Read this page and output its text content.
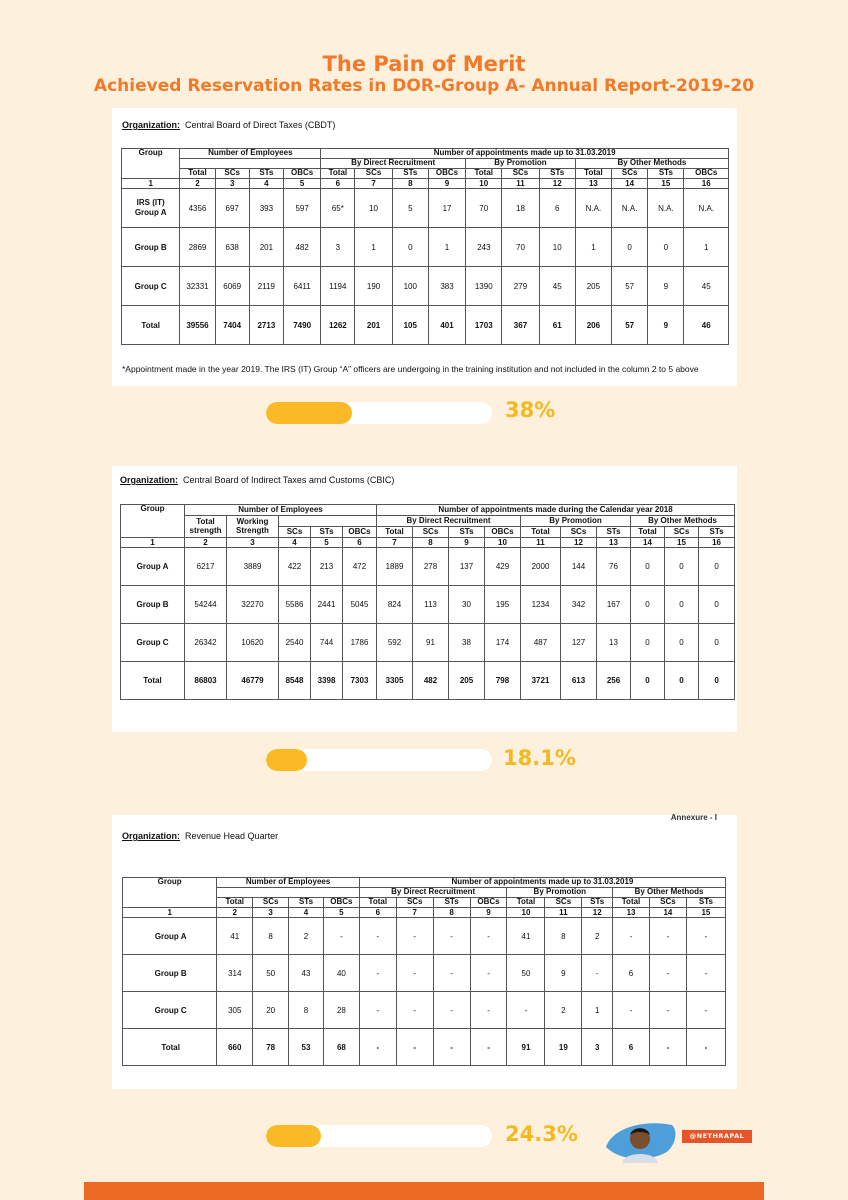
The Pain of Merit
Achieved Reservation Rates in DOR-Group A- Annual Report-2019-20
Organization: Central Board of Direct Taxes (CBDT)
Group	Number of Employees				Number of appointments made up to 31.03.2019										
					By Direct Recruitment				By Promotion			By Other Methods			
	Total	SCs	STs	OBCs	Total	SCs	STs	OBCs	Total	SCs	STs	Total	SCs	STs	OBCs
1	2	3	4	5	6	7	8	9	10	11	12	13	14	15	16
IRS (IT)
Group A	4356	697	393	597	65*	10	5	17	70	18	6	N.A.	N.A.	N.A.	N.A.
Group B	2869	638	201	482	3	1	0	1	243	70	10	1	0	0	1
Group C	32331	6069	2119	6411	1194	190	100	383	1390	279	45	205	57	9	45
Total	39556	7404	2713	7490	1262	201	105	401	1703	367	61	206	57	9	46
*Appointment made in the year 2019. The IRS (IT) Group “A” officers are undergoing in the training institution and not included in the column 2 to 5 above
38%
Organization: Central Board of Indirect Taxes amd Customs (CBIC)
Group	Number of Employees					Number of appointments made during the Calendar year 2018									
	Total
strength	Working
Strength				By Direct Recruitment				By Promotion			By Other Methods		
			SCs	STs	OBCs	Total	SCs	STs	OBCs	Total	SCs	STs	Total	SCs	STs
1	2	3	4	5	6	7	8	9	10	11	12	13	14	15	16
Group A	6217	3889	422	213	472	1889	278	137	429	2000	144	76	0	0	0
Group B	54244	32270	5586	2441	5045	824	113	30	195	1234	342	167	0	0	0
Group C	26342	10620	2540	744	1786	592	91	38	174	487	127	13	0	0	0
Total	86803	46779	8548	3398	7303	3305	482	205	798	3721	613	256	0	0	0
18.1%
Annexure - I
Organization: Revenue Head Quarter
Group	Number of Employees				Number of appointments made up to 31.03.2019									
					By Direct Recruitment				By Promotion			By Other Methods		
	Total	SCs	STs	OBCs	Total	SCs	STs	OBCs	Total	SCs	STs	Total	SCs	STs
1	2	3	4	5	6	7	8	9	10	11	12	13	14	15
Group A	41	8	2	-	-	-	-	-	41	8	2	-	-	-
Group B	314	50	43	40	-	-	-	-	50	9	-	6	-	-
Group C	305	20	8	28	-	-	-	-	-	2	1	-	-	-
Total	660	78	53	68	-	-	-	-	91	19	3	6	-	-
24.3%	@NETHRAPAL
